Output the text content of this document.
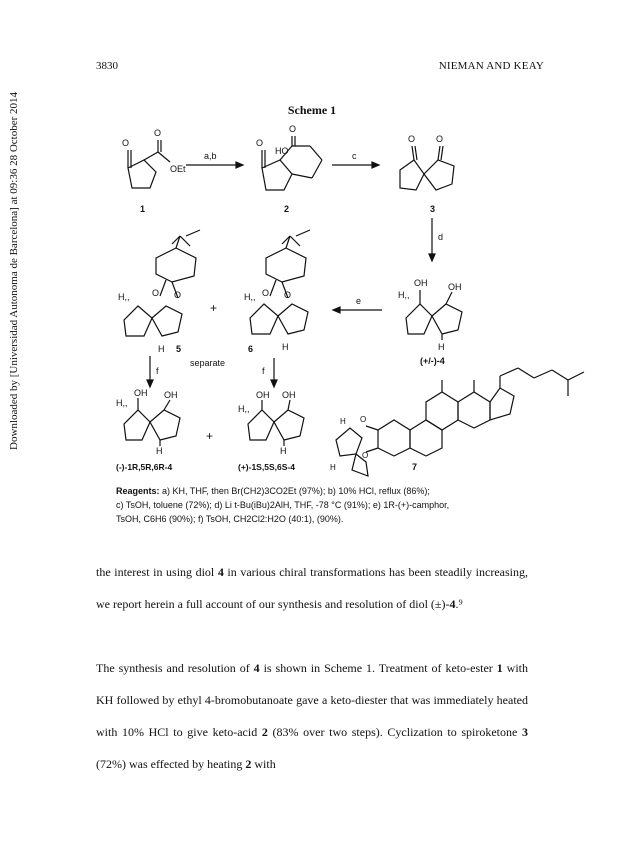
3830	NIEMAN AND KEAY
Downloaded by [Universidad Autonoma de Barcelona] at 09:36 28 October 2014	Scheme 1
O
O
OEt
1
a,b
O
O
HO
2
c
O O
3
d
OH OH
H,,
H
(+/-)-4
e
O O
H,,
H 5
+
O O
H,,
H
6
separate
f	f
OH OH
H,,
H
(-)-1R,5R,6R-4
+
OH OH
H,,
H
(+)-1S,5S,6S-4
O
O
H
H	7
Reagents: a) KH, THF, then Br(CH2)3CO2Et (97%); b) 10% HCl, reflux (86%);
c) TsOH, toluene (72%); d) Li t-Bu(iBu)2AlH, THF, -78 °C (91%); e) 1R-(+)-camphor,
TsOH, C6H6 (90%); f) TsOH, CH2Cl2:H2O (40:1), (90%).
the interest in using diol 4 in various chiral transformations has been steadily increasing, we report herein a full account of our synthesis and resolution of diol (±)-4.⁹
The synthesis and resolution of 4 is shown in Scheme 1. Treatment of keto-ester 1 with KH followed by ethyl 4-bromobutanoate gave a keto-diester that was immediately heated with 10% HCl to give keto-acid 2 (83% over two steps). Cyclization to spiroketone 3 (72%) was effected by heating 2 with
